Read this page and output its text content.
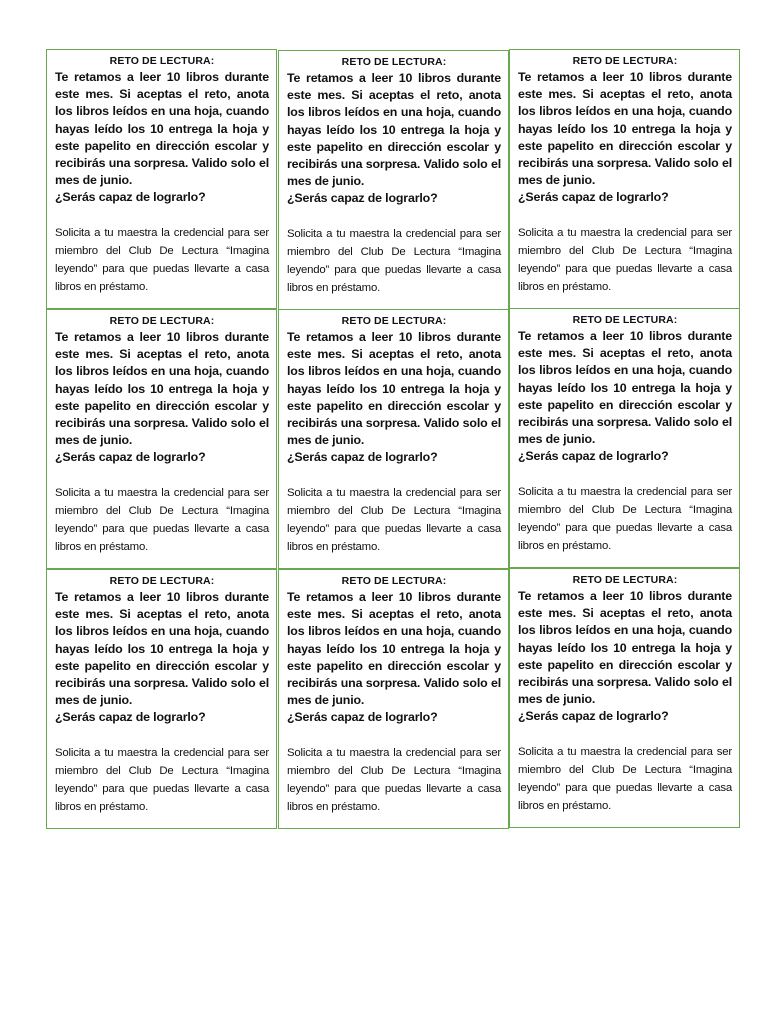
RETO DE LECTURA:
Te retamos a leer 10 libros durante este mes. Si aceptas el reto, anota los libros leídos en una hoja, cuando hayas leído los 10 entrega la hoja y este papelito en dirección escolar y recibirás una sorpresa. Valido solo el mes de junio.
¿Serás capaz de lograrlo?
Solicita a tu maestra la credencial para ser miembro del Club De Lectura “Imagina leyendo” para que puedas llevarte a casa libros en préstamo.
RETO DE LECTURA:
Te retamos a leer 10 libros durante este mes. Si aceptas el reto, anota los libros leídos en una hoja, cuando hayas leído los 10 entrega la hoja y este papelito en dirección escolar y recibirás una sorpresa. Valido solo el mes de junio.
¿Serás capaz de lograrlo?
Solicita a tu maestra la credencial para ser miembro del Club De Lectura “Imagina leyendo” para que puedas llevarte a casa libros en préstamo.
RETO DE LECTURA:
Te retamos a leer 10 libros durante este mes. Si aceptas el reto, anota los libros leídos en una hoja, cuando hayas leído los 10 entrega la hoja y este papelito en dirección escolar y recibirás una sorpresa. Valido solo el mes de junio.
¿Serás capaz de lograrlo?
Solicita a tu maestra la credencial para ser miembro del Club De Lectura “Imagina leyendo” para que puedas llevarte a casa libros en préstamo.
RETO DE LECTURA:
Te retamos a leer 10 libros durante este mes. Si aceptas el reto, anota los libros leídos en una hoja, cuando hayas leído los 10 entrega la hoja y este papelito en dirección escolar y recibirás una sorpresa. Valido solo el mes de junio.
¿Serás capaz de lograrlo?
Solicita a tu maestra la credencial para ser miembro del Club De Lectura “Imagina leyendo” para que puedas llevarte a casa libros en préstamo.
RETO DE LECTURA:
Te retamos a leer 10 libros durante este mes. Si aceptas el reto, anota los libros leídos en una hoja, cuando hayas leído los 10 entrega la hoja y este papelito en dirección escolar y recibirás una sorpresa. Valido solo el mes de junio.
¿Serás capaz de lograrlo?
Solicita a tu maestra la credencial para ser miembro del Club De Lectura “Imagina leyendo” para que puedas llevarte a casa libros en préstamo.
RETO DE LECTURA:
Te retamos a leer 10 libros durante este mes. Si aceptas el reto, anota los libros leídos en una hoja, cuando hayas leído los 10 entrega la hoja y este papelito en dirección escolar y recibirás una sorpresa. Valido solo el mes de junio.
¿Serás capaz de lograrlo?
Solicita a tu maestra la credencial para ser miembro del Club De Lectura “Imagina leyendo” para que puedas llevarte a casa libros en préstamo.
RETO DE LECTURA:
Te retamos a leer 10 libros durante este mes. Si aceptas el reto, anota los libros leídos en una hoja, cuando hayas leído los 10 entrega la hoja y este papelito en dirección escolar y recibirás una sorpresa. Valido solo el mes de junio.
¿Serás capaz de lograrlo?
Solicita a tu maestra la credencial para ser miembro del Club De Lectura “Imagina leyendo” para que puedas llevarte a casa libros en préstamo.
RETO DE LECTURA:
Te retamos a leer 10 libros durante este mes. Si aceptas el reto, anota los libros leídos en una hoja, cuando hayas leído los 10 entrega la hoja y este papelito en dirección escolar y recibirás una sorpresa. Valido solo el mes de junio.
¿Serás capaz de lograrlo?
Solicita a tu maestra la credencial para ser miembro del Club De Lectura “Imagina leyendo” para que puedas llevarte a casa libros en préstamo.
RETO DE LECTURA:
Te retamos a leer 10 libros durante este mes. Si aceptas el reto, anota los libros leídos en una hoja, cuando hayas leído los 10 entrega la hoja y este papelito en dirección escolar y recibirás una sorpresa. Valido solo el mes de junio.
¿Serás capaz de lograrlo?
Solicita a tu maestra la credencial para ser miembro del Club De Lectura “Imagina leyendo” para que puedas llevarte a casa libros en préstamo.
